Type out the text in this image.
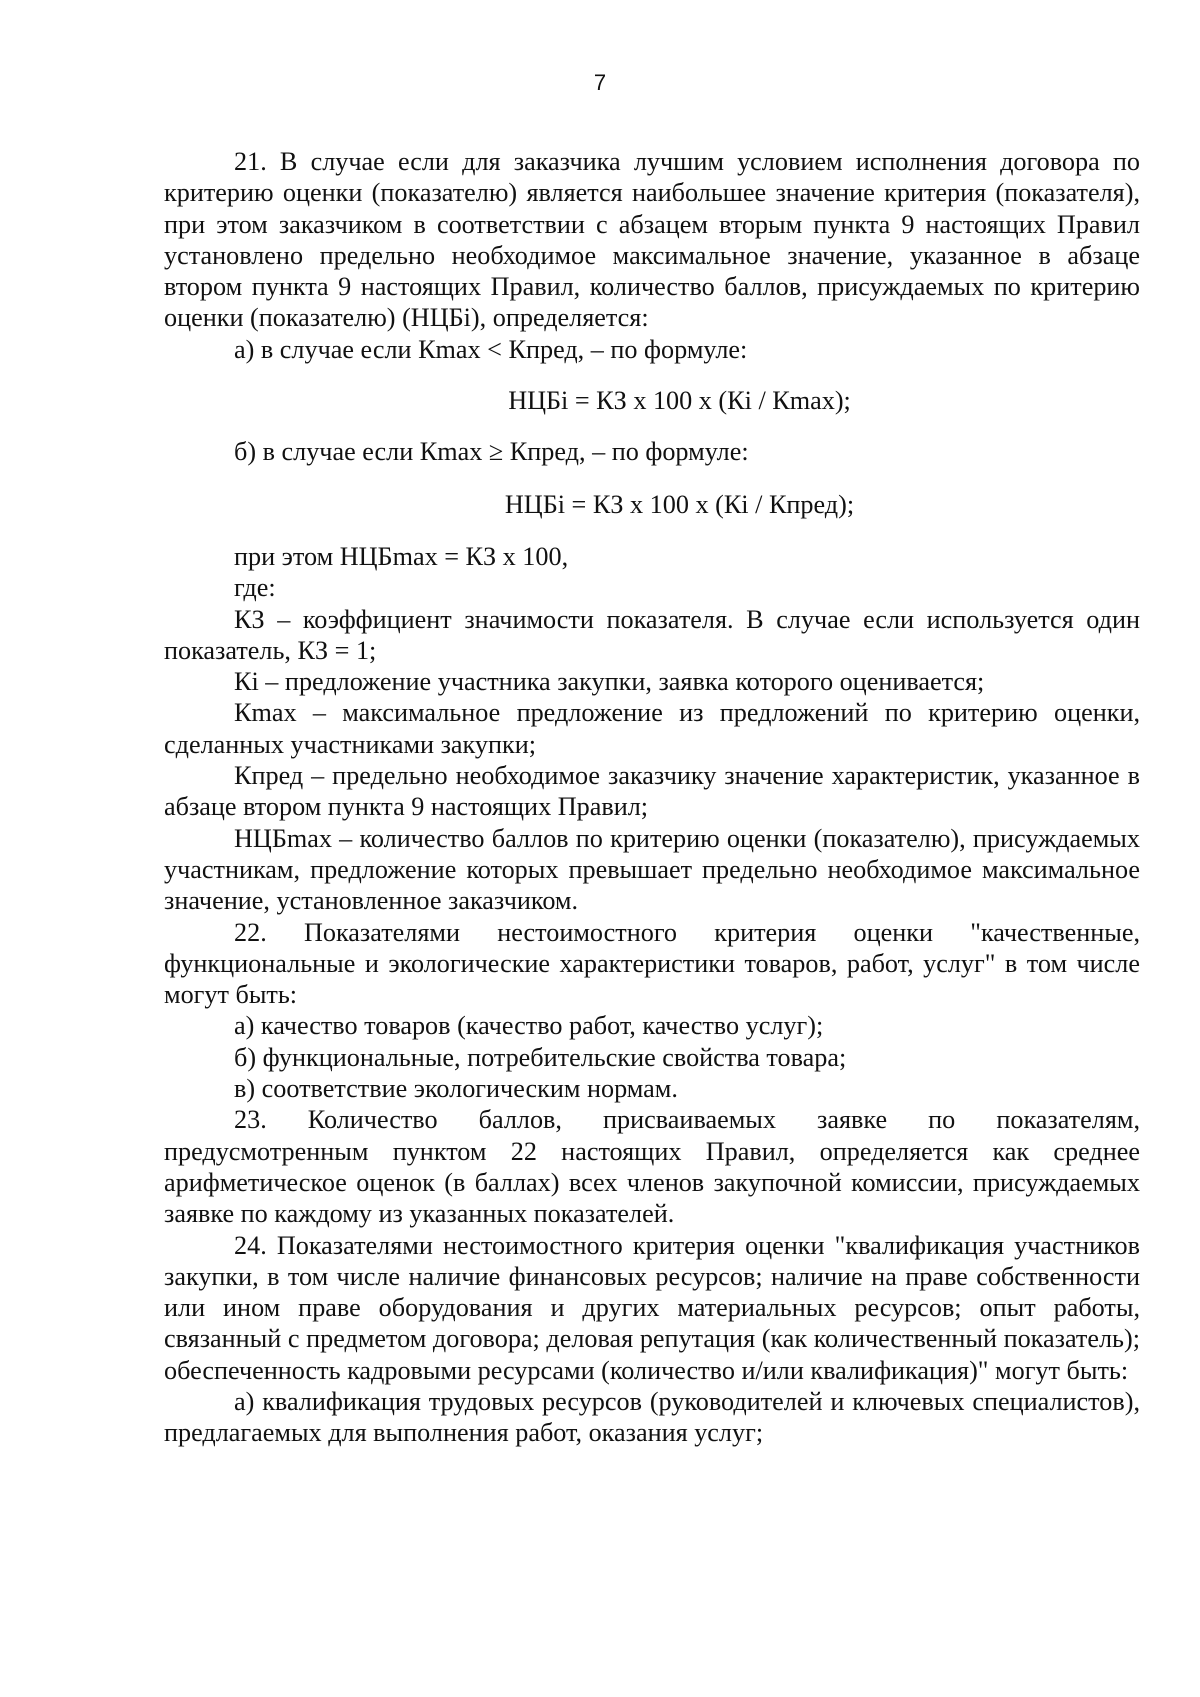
7

21. В случае если для заказчика лучшим условием исполнения договора по критерию оценки (показателю) является наибольшее значение критерия (показателя), при этом заказчиком в соответствии с абзацем вторым пункта 9 настоящих Правил установлено предельно необходимое максимальное значение, указанное в абзаце втором пункта 9 настоящих Правил, количество баллов, присуждаемых по критерию оценки (показателю) (НЦБi), определяется:

а) в случае если Кmax < Кпред, – по формуле:

НЦБi = КЗ х 100 х (Кi / Кmax);

б) в случае если Кmax ≥ Кпред, – по формуле:

НЦБi = КЗ х 100 х (Кi / Кпред);

при этом НЦБmax = КЗ х 100,

где:

КЗ – коэффициент значимости показателя. В случае если используется один показатель, КЗ = 1;

Кi – предложение участника закупки, заявка которого оценивается;

Кmax – максимальное предложение из предложений по критерию оценки, сделанных участниками закупки;

Кпред – предельно необходимое заказчику значение характеристик, указанное в абзаце втором пункта 9 настоящих Правил;

НЦБmax – количество баллов по критерию оценки (показателю), присуждаемых участникам, предложение которых превышает предельно необходимое максимальное значение, установленное заказчиком.

22. Показателями нестоимостного критерия оценки "качественные, функциональные и экологические характеристики товаров, работ, услуг" в том числе могут быть:

а) качество товаров (качество работ, качество услуг);

б) функциональные, потребительские свойства товара;

в) соответствие экологическим нормам.

23. Количество баллов, присваиваемых заявке по показателям, предусмотренным пунктом 22 настоящих Правил, определяется как среднее арифметическое оценок (в баллах) всех членов закупочной комиссии, присуждаемых заявке по каждому из указанных показателей.

24. Показателями нестоимостного критерия оценки "квалификация участников закупки, в том числе наличие финансовых ресурсов; наличие на праве собственности или ином праве оборудования и других материальных ресурсов; опыт работы, связанный с предметом договора; деловая репутация (как количественный показатель); обеспеченность кадровыми ресурсами (количество и/или квалификация)" могут быть:

а) квалификация трудовых ресурсов (руководителей и ключевых специалистов), предлагаемых для выполнения работ, оказания услуг;
